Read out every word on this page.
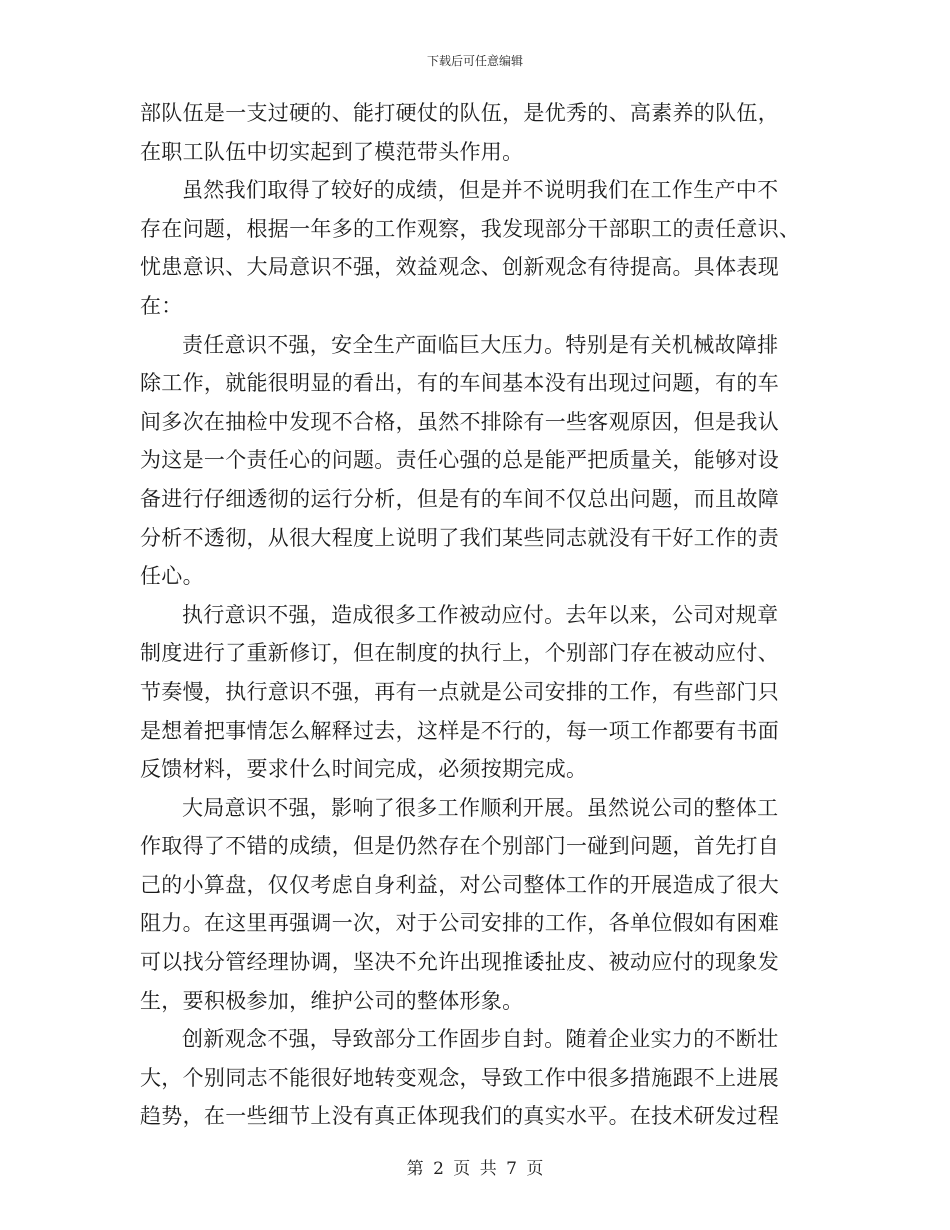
下载后可任意编辑
部队伍是一支过硬的、能打硬仗的队伍，是优秀的、高素养的队伍，
在职工队伍中切实起到了模范带头作用。
虽然我们取得了较好的成绩，但是并不说明我们在工作生产中不
存在问题，根据一年多的工作观察，我发现部分干部职工的责任意识、
忧患意识、大局意识不强，效益观念、创新观念有待提高。具体表现
在：
责任意识不强，安全生产面临巨大压力。特别是有关机械故障排
除工作，就能很明显的看出，有的车间基本没有出现过问题，有的车
间多次在抽检中发现不合格，虽然不排除有一些客观原因，但是我认
为这是一个责任心的问题。责任心强的总是能严把质量关，能够对设
备进行仔细透彻的运行分析，但是有的车间不仅总出问题，而且故障
分析不透彻，从很大程度上说明了我们某些同志就没有干好工作的责
任心。
执行意识不强，造成很多工作被动应付。去年以来，公司对规章
制度进行了重新修订，但在制度的执行上，个别部门存在被动应付、
节奏慢，执行意识不强，再有一点就是公司安排的工作，有些部门只
是想着把事情怎么解释过去，这样是不行的，每一项工作都要有书面
反馈材料，要求什么时间完成，必须按期完成。
大局意识不强，影响了很多工作顺利开展。虽然说公司的整体工
作取得了不错的成绩，但是仍然存在个别部门一碰到问题，首先打自
己的小算盘，仅仅考虑自身利益，对公司整体工作的开展造成了很大
阻力。在这里再强调一次，对于公司安排的工作，各单位假如有困难
可以找分管经理协调，坚决不允许出现推诿扯皮、被动应付的现象发
生，要积极参加，维护公司的整体形象。
创新观念不强，导致部分工作固步自封。随着企业实力的不断壮
大，个别同志不能很好地转变观念，导致工作中很多措施跟不上进展
趋势，在一些细节上没有真正体现我们的真实水平。在技术研发过程
第 2 页 共 7 页
